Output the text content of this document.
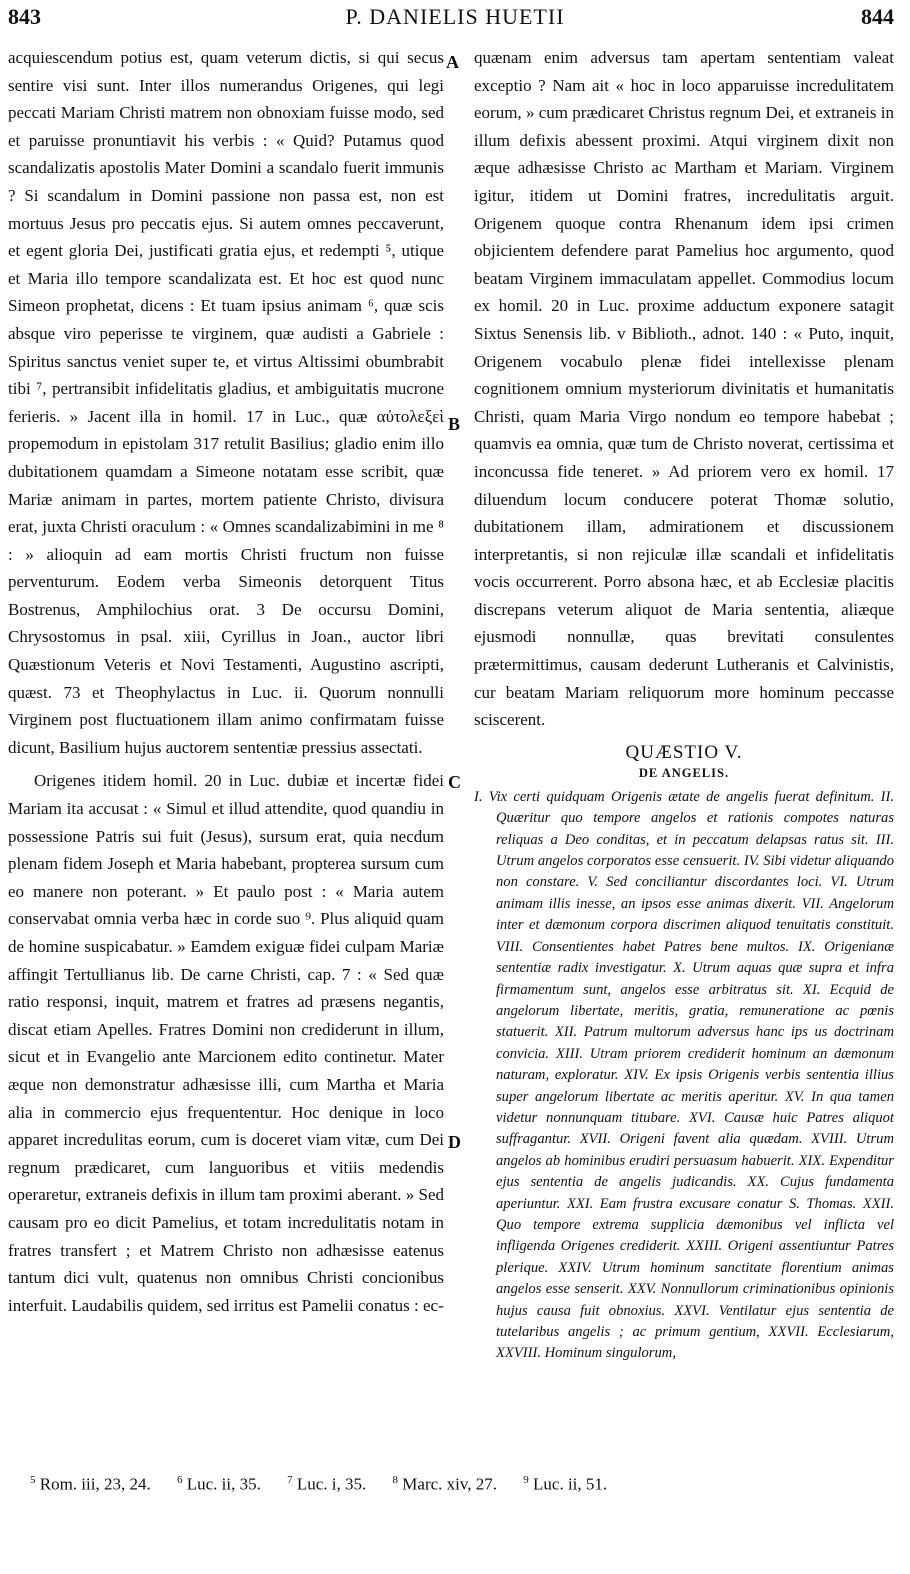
843	P. DANIELIS HUETII	844
A
B
C
D

acquiescendum potius est, quam veterum dictis, si qui secus sentire visi sunt. Inter illos numerandus Origenes, qui legi peccati Mariam Christi matrem non obnoxiam fuisse modo, sed et paruisse pronuntiavit his verbis : « Quid? Putamus quod scandalizatis apostolis Mater Domini a scandalo fuerit immunis ? Si scandalum in Domini passione non passa est, non est mortuus Jesus pro peccatis ejus. Si autem omnes peccaverunt, et egent gloria Dei, justificati gratia ejus, et redempti ⁵, utique et Maria illo tempore scandalizata est. Et hoc est quod nunc Simeon prophetat, dicens : Et tuam ipsius animam ⁶, quæ scis absque viro peperisse te virginem, quæ audisti a Gabriele : Spiritus sanctus veniet super te, et virtus Altissimi obumbrabit tibi ⁷, pertransibit infidelitatis gladius, et ambiguitatis mucrone ferieris. » Jacent illa in homil. 17 in Luc., quæ αὐτολεξεὶ propemodum in epistolam 317 retulit Basilius; gladio enim illo dubitationem quamdam a Simeone notatam esse scribit, quæ Mariæ animam in partes, mortem patiente Christo, divisura erat, juxta Christi oraculum : « Omnes scandalizabimini in me ⁸ : » alioquin ad eam mortis Christi fructum non fuisse perventurum. Eodem verba Simeonis detorquent Titus Bostrenus, Amphilochius orat. 3 De occursu Domini, Chrysostomus in psal. xiii, Cyrillus in Joan., auctor libri Quæstionum Veteris et Novi Testamenti, Augustino ascripti, quæst. 73 et Theophylactus in Luc. ii. Quorum nonnulli Virginem post fluctuationem illam animo confirmatam fuisse dicunt, Basilium hujus auctorem sententiæ pressius assectati.

Origenes itidem homil. 20 in Luc. dubiæ et incertæ fidei Mariam ita accusat : « Simul et illud attendite, quod quandiu in possessione Patris sui fuit (Jesus), sursum erat, quia necdum plenam fidem Joseph et Maria habebant, propterea sursum cum eo manere non poterant. » Et paulo post : « Maria autem conservabat omnia verba hæc in corde suo ⁹. Plus aliquid quam de homine suspicabatur. » Eamdem exiguæ fidei culpam Mariæ affingit Tertullianus lib. De carne Christi, cap. 7 : « Sed quæ ratio responsi, inquit, matrem et fratres ad præsens negantis, discat etiam Apelles. Fratres Domini non crediderunt in illum, sicut et in Evangelio ante Marcionem edito continetur. Mater æque non demonstratur adhæsisse illi, cum Martha et Maria alia in commercio ejus frequententur. Hoc denique in loco apparet incredulitas eorum, cum is doceret viam vitæ, cum Dei regnum prædicaret, cum languoribus et vitiis medendis operaretur, extraneis defixis in illum tam proximi aberant. » Sed causam pro eo dicit Pamelius, et totam incredulitatis notam in fratres transfert ; et Matrem Christo non adhæsisse eatenus tantum dici vult, quatenus non omnibus Christi concionibus interfuit. Laudabilis quidem, sed irritus est Pamelii conatus : ec-

quænam enim adversus tam apertam sententiam valeat exceptio ? Nam ait « hoc in loco apparuisse incredulitatem eorum, » cum prædicaret Christus regnum Dei, et extraneis in illum defixis abessent proximi. Atqui virginem dixit non æque adhæsisse Christo ac Martham et Mariam. Virginem igitur, itidem ut Domini fratres, incredulitatis arguit. Origenem quoque contra Rhenanum idem ipsi crimen objicientem defendere parat Pamelius hoc argumento, quod beatam Virginem immaculatam appellet. Commodius locum ex homil. 20 in Luc. proxime adductum exponere satagit Sixtus Senensis lib. v Biblioth., adnot. 140 : « Puto, inquit, Origenem vocabulo plenæ fidei intellexisse plenam cognitionem omnium mysteriorum divinitatis et humanitatis Christi, quam Maria Virgo nondum eo tempore habebat ; quamvis ea omnia, quæ tum de Christo noverat, certissima et inconcussa fide teneret. » Ad priorem vero ex homil. 17 diluendum locum conducere poterat Thomæ solutio, dubitationem illam, admirationem et discussionem interpretantis, si non rejiculæ illæ scandali et infidelitatis vocis occurrerent. Porro absona hæc, et ab Ecclesiæ placitis discrepans veterum aliquot de Maria sententia, aliæque ejusmodi nonnullæ, quas brevitati consulentes prætermittimus, causam dederunt Lutheranis et Calvinistis, cur beatam Mariam reliquorum more hominum peccasse sciscerent.

QUÆSTIO V.
DE ANGELIS.

I. Vix certi quidquam Origenis ætate de angelis fuerat definitum. II. Quæritur quo tempore angelos et rationis compotes naturas reliquas a Deo conditas, et in peccatum delapsas ratus sit. III. Utrum angelos corporatos esse censuerit. IV. Sibi videtur aliquando non constare. V. Sed conciliantur discordantes loci. VI. Utrum animam illis inesse, an ipsos esse animas dixerit. VII. Angelorum inter et dæmonum corpora discrimen aliquod tenuitatis constituit. VIII. Consentientes habet Patres bene multos. IX. Origenianæ sententiæ radix investigatur. X. Utrum aquas quæ supra et infra firmamentum sunt, angelos esse arbitratus sit. XI. Ecquid de angelorum libertate, meritis, gratia, remuneratione ac pœnis statuerit. XII. Patrum multorum adversus hanc ips us doctrinam convicia. XIII. Utram priorem crediderit hominum an dæmonum naturam, exploratur. XIV. Ex ipsis Origenis verbis sententia illius super angelorum libertate ac meritis aperitur. XV. In qua tamen videtur nonnunquam titubare. XVI. Causæ huic Patres aliquot suffragantur. XVII. Origeni favent alia quædam. XVIII. Utrum angelos ab hominibus erudiri persuasum habuerit. XIX. Expenditur ejus sententia de angelis judicandis. XX. Cujus fundamenta aperiuntur. XXI. Eam frustra excusare conatur S. Thomas. XXII. Quo tempore extrema supplicia dæmonibus vel inflicta vel infligenda Origenes crediderit. XXIII. Origeni assentiuntur Patres plerique. XXIV. Utrum hominum sanctitate florentium animas angelos esse senserit. XXV. Nonnullorum criminationibus opinionis hujus causa fuit obnoxius. XXVI. Ventilatur ejus sententia de tutelaribus angelis ; ac primum gentium, XXVII. Ecclesiarum, XXVIII. Hominum singulorum,

$^5$ Rom. iii, 23, 24. $^6$ Luc. ii, 35. $^7$ Luc. i, 35. $^8$ Marc. xiv, 27. $^9$ Luc. ii, 51.
